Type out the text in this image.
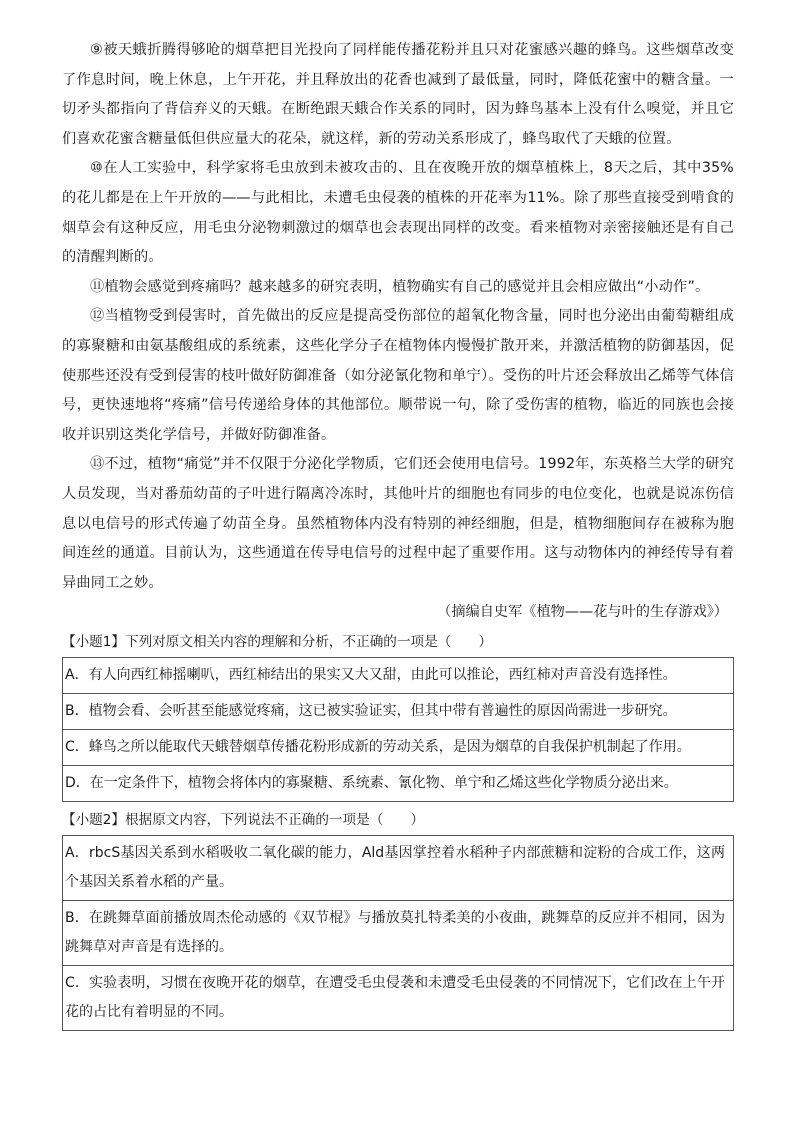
⑨被天蛾折腾得够呛的烟草把目光投向了同样能传播花粉并且只对花蜜感兴趣的蜂鸟。这些烟草改变了作息时间，晚上休息，上午开花，并且释放出的花香也减到了最低量，同时，降低花蜜中的糖含量。一切矛头都指向了背信弃义的天蛾。在断绝跟天蛾合作关系的同时，因为蜂鸟基本上没有什么嗅觉，并且它们喜欢花蜜含糖量低但供应量大的花朵，就这样，新的劳动关系形成了，蜂鸟取代了天蛾的位置。

⑩在人工实验中，科学家将毛虫放到未被攻击的、且在夜晚开放的烟草植株上，8天之后，其中35%的花儿都是在上午开放的——与此相比，未遭毛虫侵袭的植株的开花率为11%。除了那些直接受到啃食的烟草会有这种反应，用毛虫分泌物刺激过的烟草也会表现出同样的改变。看来植物对亲密接触还是有自己的清醒判断的。

⑪植物会感觉到疼痛吗？越来越多的研究表明，植物确实有自己的感觉并且会相应做出“小动作”。

⑫当植物受到侵害时，首先做出的反应是提高受伤部位的超氧化物含量，同时也分泌出由葡萄糖组成的寡聚糖和由氨基酸组成的系统素，这些化学分子在植物体内慢慢扩散开来，并激活植物的防御基因，促使那些还没有受到侵害的枝叶做好防御准备（如分泌氰化物和单宁）。受伤的叶片还会释放出乙烯等气体信号，更快速地将“疼痛”信号传递给身体的其他部位。顺带说一句，除了受伤害的植物，临近的同族也会接收并识别这类化学信号，并做好防御准备。

⑬不过，植物“痛觉”并不仅限于分泌化学物质，它们还会使用电信号。1992年，东英格兰大学的研究人员发现，当对番茄幼苗的子叶进行隔离冷冻时，其他叶片的细胞也有同步的电位变化，也就是说冻伤信息以电信号的形式传遍了幼苗全身。虽然植物体内没有特别的神经细胞，但是，植物细胞间存在被称为胞间连丝的通道。目前认为，这些通道在传导电信号的过程中起了重要作用。这与动物体内的神经传导有着异曲同工之妙。

（摘编自史军《植物——花与叶的生存游戏》）

【小题1】下列对原文相关内容的理解和分析，不正确的一项是（　　）

A．有人向西红柿摇喇叭，西红柿结出的果实又大又甜，由此可以推论，西红柿对声音没有选择性。
B．植物会看、会听甚至能感觉疼痛，这已被实验证实，但其中带有普遍性的原因尚需进一步研究。
C．蜂鸟之所以能取代天蛾替烟草传播花粉形成新的劳动关系，是因为烟草的自我保护机制起了作用。
D．在一定条件下，植物会将体内的寡聚糖、系统素、氰化物、单宁和乙烯这些化学物质分泌出来。

【小题2】根据原文内容，下列说法不正确的一项是（　　）

A．rbcS基因关系到水稻吸收二氧化碳的能力，Ald基因掌控着水稻种子内部蔗糖和淀粉的合成工作，这两个基因关系着水稻的产量。
B．在跳舞草面前播放周杰伦动感的《双节棍》与播放莫扎特柔美的小夜曲，跳舞草的反应并不相同，因为跳舞草对声音是有选择的。
C．实验表明，习惯在夜晚开花的烟草，在遭受毛虫侵袭和未遭受毛虫侵袭的不同情况下，它们改在上午开花的占比有着明显的不同。
